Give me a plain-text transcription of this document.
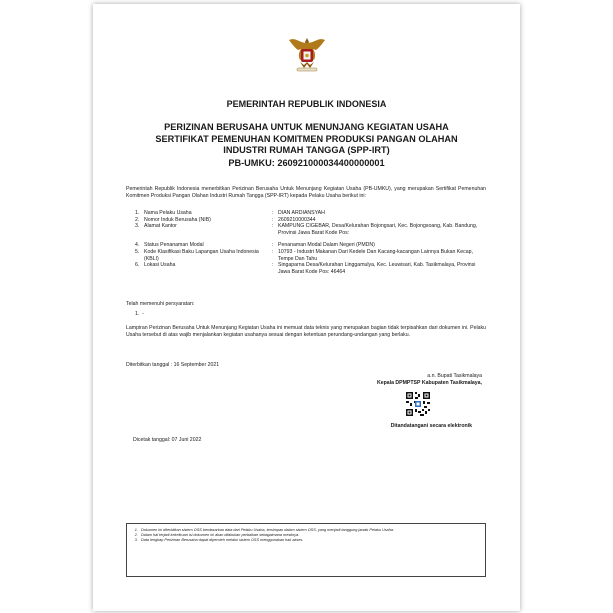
PEMERINTAH REPUBLIK INDONESIA
PERIZINAN BERUSAHA UNTUK MENUNJANG KEGIATAN USAHA
SERTIFIKAT PEMENUHAN KOMITMEN PRODUKSI PANGAN OLAHAN
INDUSTRI RUMAH TANGGA (SPP-IRT)
PB-UMKU: 260921000034400000001
Pemerintah Republik Indonesia menerbitkan Perizinan Berusaha Untuk Menunjang Kegiatan Usaha (PB-UMKU), yang merupakan Sertifikat Pemenuhan Komitmen Produksi Pangan Olahan Industri Rumah Tangga (SPP-IRT) kepada Pelaku Usaha berikut ini:
1. Nama Pelaku Usaha	: DIAN ARDIANSYAH
2. Nomor Induk Berusaha (NIB)	: 2609210000344
3. Alamat Kantor	: KAMPUNG CIGEBAR, Desa/Kelurahan Bojongsari, Kec. Bojongsoang, Kab. Bandung, Provinsi Jawa Barat Kode Pos:
4. Status Penanaman Modal	: Penanaman Modal Dalam Negeri (PMDN)
5. Kode Klasifikasi Baku Lapangan Usaha Indonesia (KBLI)
: 10793 - Industri Makanan Dari Kedele Dan Kacang-kacangan Lainnya Bukan Kecap, Tempe Dan Tahu
6. Lokasi Usaha	: Singaparna Desa/Kelurahan Linggamulya, Kec. Leuwisari, Kab. Tasikmalaya, Provinsi Jawa Barat Kode Pos: 46464
Telah memenuhi persyaratan:
1. -
Lampiran Perizinan Berusaha Untuk Menunjang Kegiatan Usaha ini memuat data teknis yang merupakan bagian tidak terpisahkan dari dokumen ini. Pelaku Usaha tersebut di atas wajib menjalankan kegiatan usahanya sesuai dengan ketentuan perundang-undangan yang berlaku.
Diterbitkan tanggal : 16 September 2021
a.n. Bupati Tasikmalaya
Kepala DPMPTSP Kabupaten Tasikmalaya,
Ditandatangani secara elektronik
Dicetak tanggal: 07 Juni 2022
1. Dokumen ini diterbitkan sistem OSS berdasarkan data dari Pelaku Usaha, tersimpan dalam sistem OSS, yang menjadi tanggung jawab Pelaku Usaha.
2. Dalam hal terjadi kekeliruan isi dokumen ini akan dilakukan perbaikan sebagaimana mestinya.
3. Data lengkap Perizinan Berusaha dapat diperoleh melalui sistem OSS menggunakan hak akses.
